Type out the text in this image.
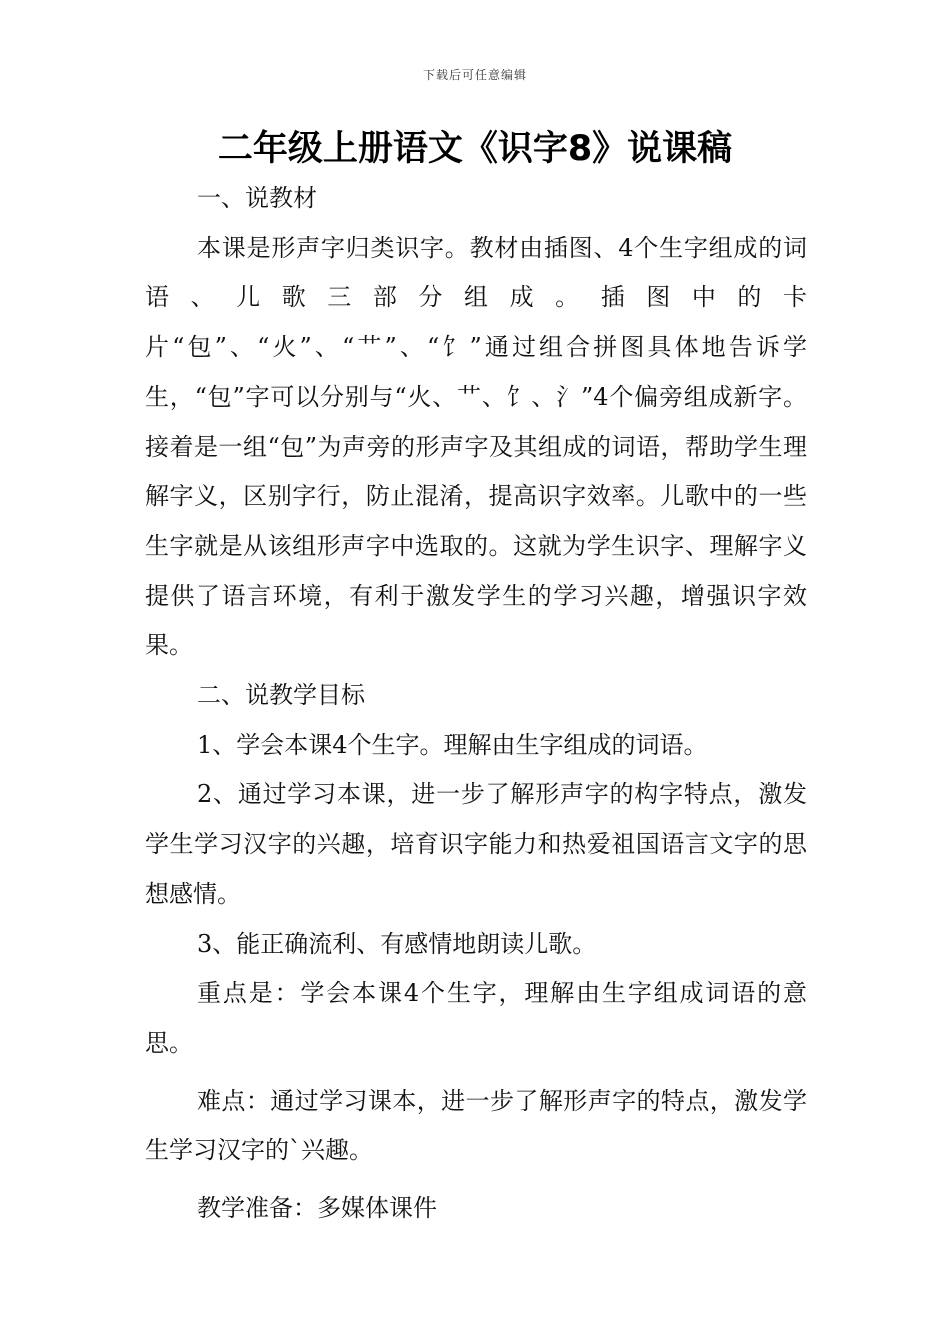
下载后可任意编辑
二年级上册语文《识字8》说课稿

一、说教材

本课是形声字归类识字。教材由插图、4个生字组成的词语、儿歌三部分组成。插图中的卡片“包”、“火”、“艹”、“饣”通过组合拼图具体地告诉学生，“包”字可以分别与“火、艹、饣、氵”4个偏旁组成新字。接着是一组“包”为声旁的形声字及其组成的词语，帮助学生理解字义，区别字行，防止混淆，提高识字效率。儿歌中的一些生字就是从该组形声字中选取的。这就为学生识字、理解字义提供了语言环境，有利于激发学生的学习兴趣，增强识字效果。

二、说教学目标

1、学会本课4个生字。理解由生字组成的词语。

2、通过学习本课，进一步了解形声字的构字特点，激发学生学习汉字的兴趣，培育识字能力和热爱祖国语言文字的思想感情。

3、能正确流利、有感情地朗读儿歌。

重点是：学会本课4个生字，理解由生字组成词语的意思。

难点：通过学习课本，进一步了解形声字的特点，激发学生学习汉字的`兴趣。

教学准备：多媒体课件
